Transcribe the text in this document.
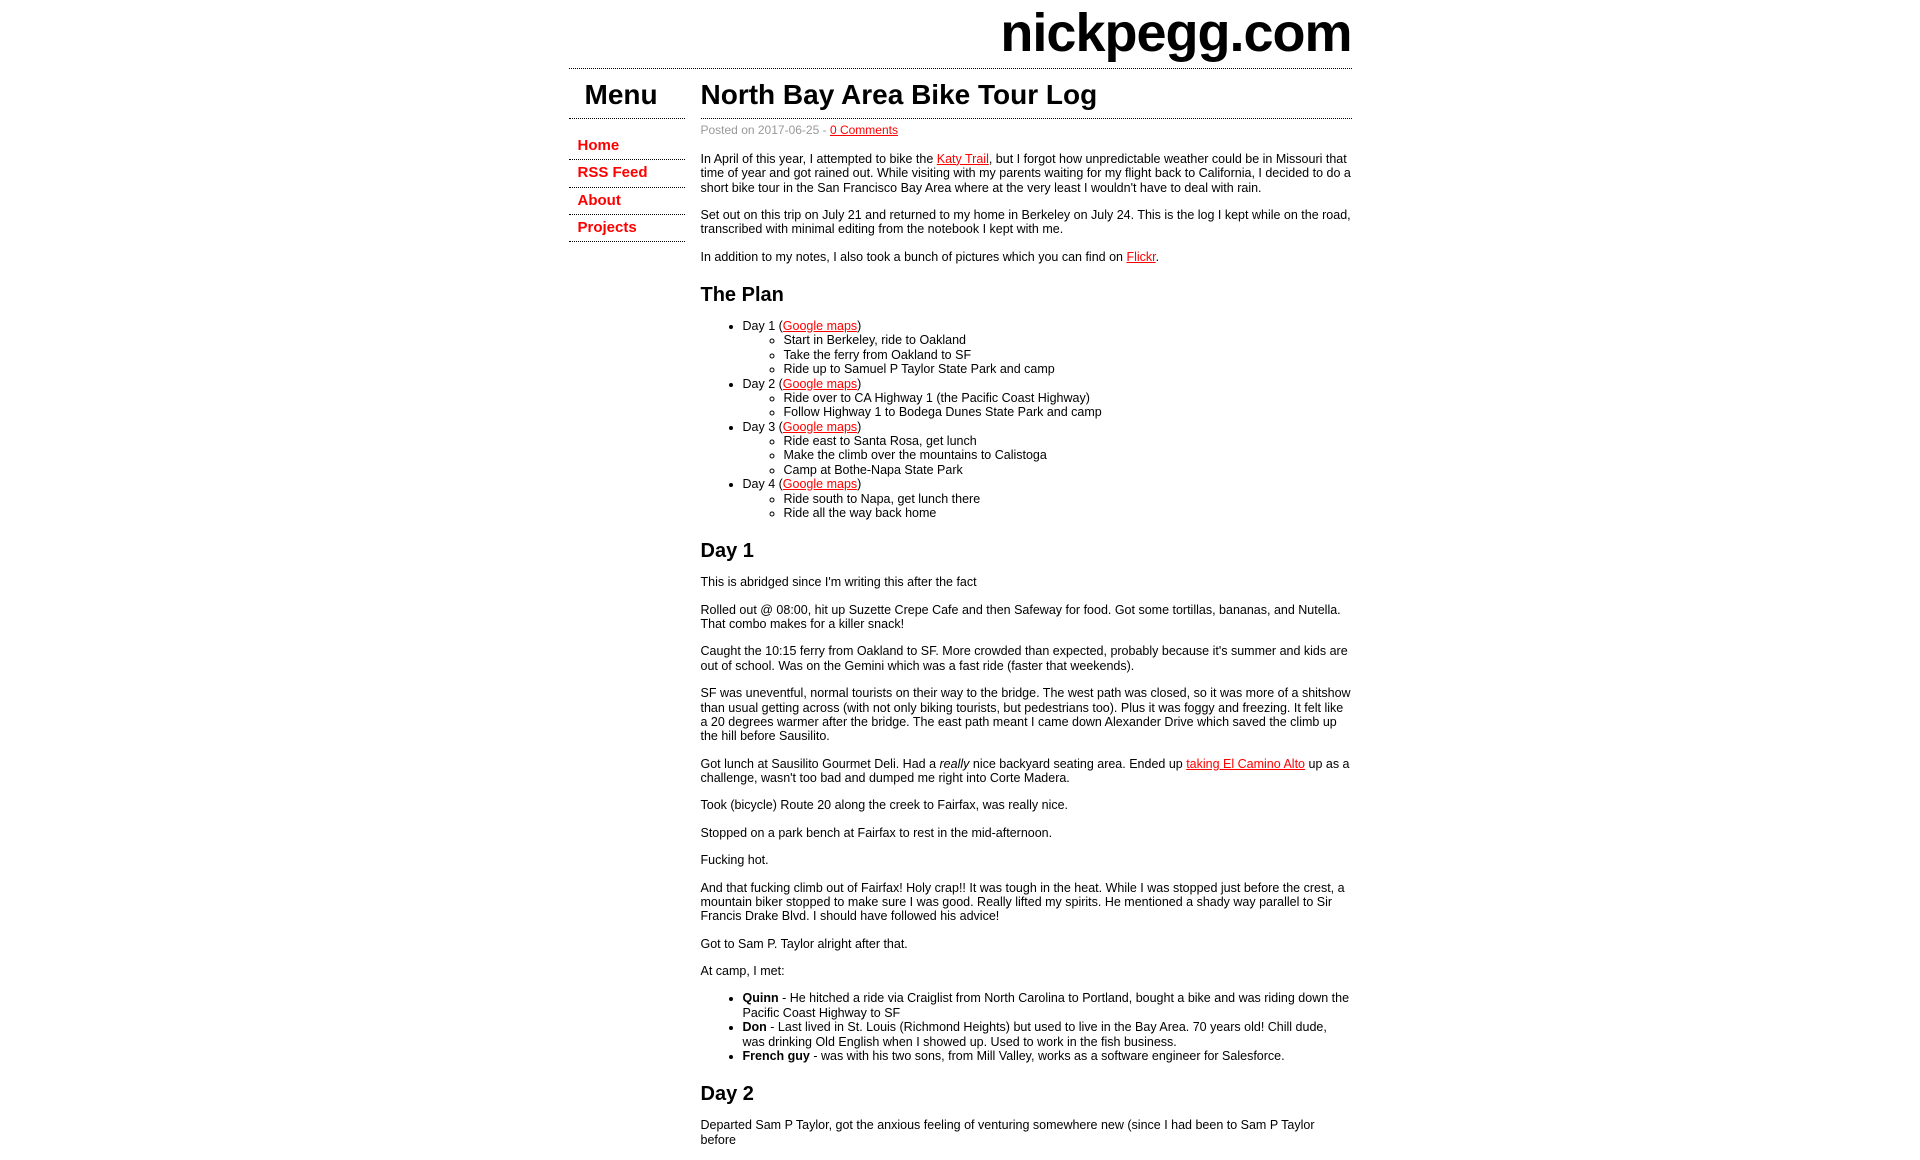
nickpegg.com
Menu
Home
RSS Feed
About
Projects
North Bay Area Bike Tour Log
Posted on 2017-06-25 - 0 Comments

In April of this year, I attempted to bike the Katy Trail, but I forgot how unpredictable weather could be in Missouri that time of year and got rained out. While visiting with my parents waiting for my flight back to California, I decided to do a short bike tour in the San Francisco Bay Area where at the very least I wouldn't have to deal with rain.

Set out on this trip on July 21 and returned to my home in Berkeley on July 24. This is the log I kept while on the road, transcribed with minimal editing from the notebook I kept with me.

In addition to my notes, I also took a bunch of pictures which you can find on Flickr.

The Plan
• Day 1 (Google maps)
◦ Start in Berkeley, ride to Oakland
◦ Take the ferry from Oakland to SF
◦ Ride up to Samuel P Taylor State Park and camp
• Day 2 (Google maps)
◦ Ride over to CA Highway 1 (the Pacific Coast Highway)
◦ Follow Highway 1 to Bodega Dunes State Park and camp
• Day 3 (Google maps)
◦ Ride east to Santa Rosa, get lunch
◦ Make the climb over the mountains to Calistoga
◦ Camp at Bothe-Napa State Park
• Day 4 (Google maps)
◦ Ride south to Napa, get lunch there
◦ Ride all the way back home
Day 1

This is abridged since I'm writing this after the fact

Rolled out @ 08:00, hit up Suzette Crepe Cafe and then Safeway for food. Got some tortillas, bananas, and Nutella. That combo makes for a killer snack!

Caught the 10:15 ferry from Oakland to SF. More crowded than expected, probably because it's summer and kids are out of school. Was on the Gemini which was a fast ride (faster that weekends).

SF was uneventful, normal tourists on their way to the bridge. The west path was closed, so it was more of a shitshow than usual getting across (with not only biking tourists, but pedestrians too). Plus it was foggy and freezing. It felt like a 20 degrees warmer after the bridge. The east path meant I came down Alexander Drive which saved the climb up the hill before Sausilito.

Got lunch at Sausilito Gourmet Deli. Had a really nice backyard seating area. Ended up taking El Camino Alto up as a challenge, wasn't too bad and dumped me right into Corte Madera.

Took (bicycle) Route 20 along the creek to Fairfax, was really nice.

Stopped on a park bench at Fairfax to rest in the mid-afternoon.

Fucking hot.

And that fucking climb out of Fairfax! Holy crap!! It was tough in the heat. While I was stopped just before the crest, a mountain biker stopped to make sure I was good. Really lifted my spirits. He mentioned a shady way parallel to Sir Francis Drake Blvd. I should have followed his advice!

Got to Sam P. Taylor alright after that.

At camp, I met:

• Quinn - He hitched a ride via Craiglist from North Carolina to Portland, bought a bike and was riding down the Pacific Coast Highway to SF
• Don - Last lived in St. Louis (Richmond Heights) but used to live in the Bay Area. 70 years old! Chill dude, was drinking Old English when I showed up. Used to work in the fish business.
• French guy - was with his two sons, from Mill Valley, works as a software engineer for Salesforce.
Day 2

Departed Sam P Taylor, got the anxious feeling of venturing somewhere new (since I had been to Sam P Taylor before
